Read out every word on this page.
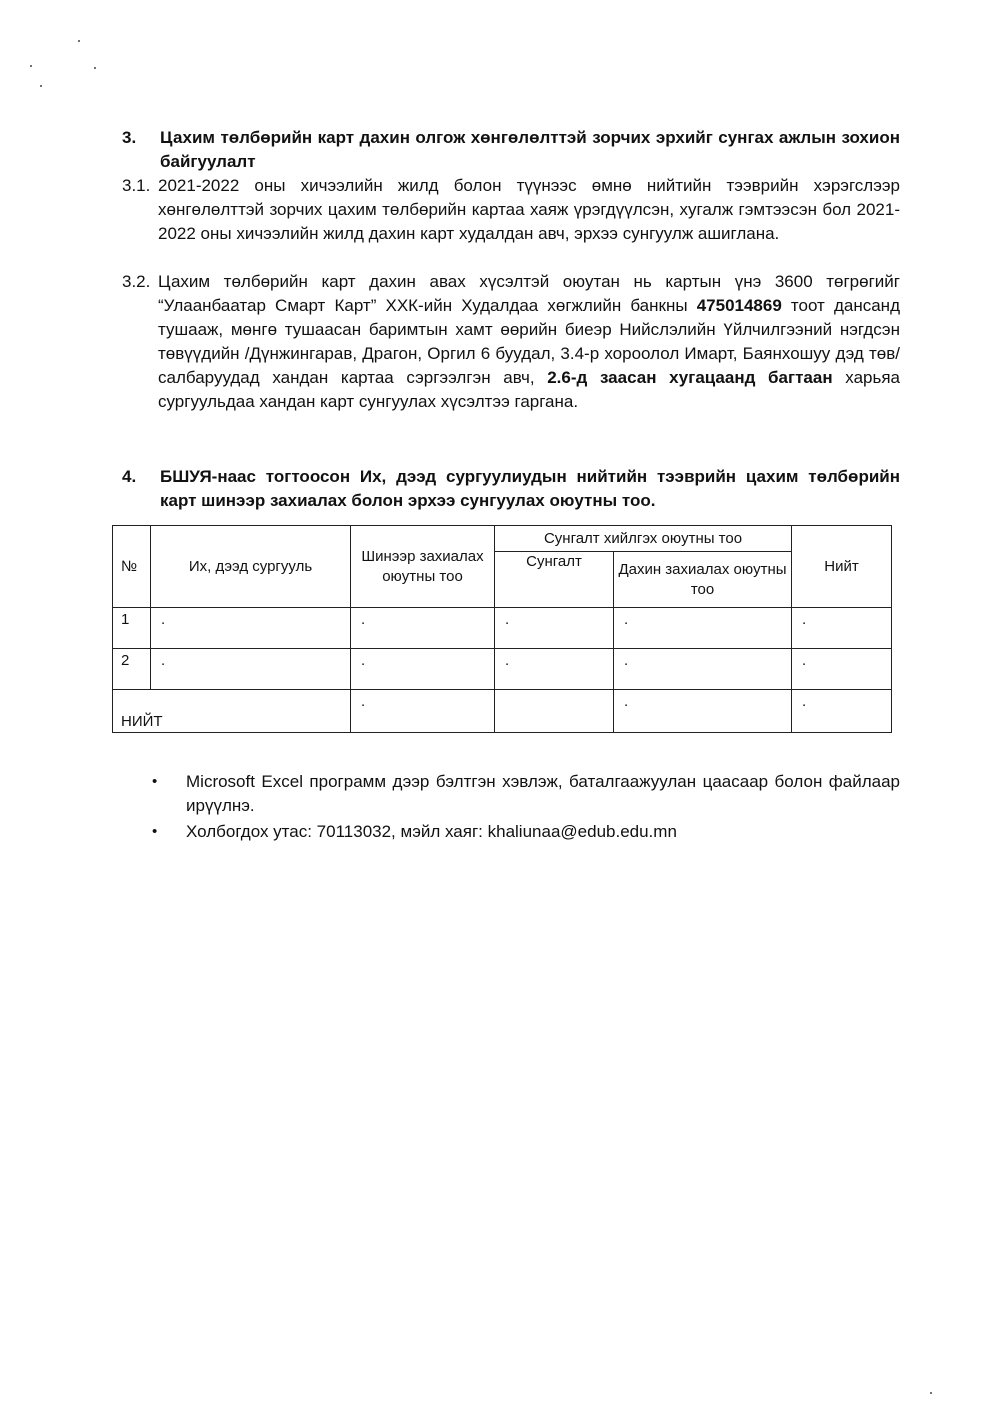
3.	Цахим төлбөрийн карт дахин олгож хөнгөлөлттэй зорчих эрхийг сунгах ажлын зохион байгуулалт
3.1. 2021-2022 оны хичээлийн жилд болон түүнээс өмнө нийтийн тээврийн хэрэгслээр хөнгөлөлттэй зорчих цахим төлбөрийн картаа хаяж үрэгдүүлсэн, хугалж гэмтээсэн бол 2021-2022 оны хичээлийн жилд дахин карт худалдан авч, эрхээ сунгуулж ашиглана.
3.2. Цахим төлбөрийн карт дахин авах хүсэлтэй оюутан нь картын үнэ 3600 төгрөгийг “Улаанбаатар Смарт Карт” ХХК-ийн Худалдаа хөгжлийн банкны 475014869 тоот дансанд тушааж, мөнгө тушаасан баримтын хамт өөрийн биеэр Нийслэлийн Үйлчилгээний нэгдсэн төвүүдийн /Дүнжингарав, Драгон, Оргил 6 буудал, 3.4-р хороолол Имарт, Баянхошуу дэд төв/ салбаруудад хандан картаа сэргээлгэн авч, 2.6-д заасан хугацаанд багтаан харьяа сургуульдаа хандан карт сунгуулах хүсэлтээ гаргана.
4.	БШУЯ-наас тогтоосон Их, дээд сургуулиудын нийтийн тээврийн цахим төлбөрийн карт шинээр захиалах болон эрхээ сунгуулах оюутны тоо.
№	Их, дээд сургууль	Шинээр захиалах оюутны тоо	Сунгалт хийлгэх оюутны тоо		Нийт
			Сунгалт	Дахин захиалах оюутны тоо	
1	.	.	.	.	.
2	.	.	.	.	.
НИЙТ		.		.	.
•	Microsoft Excel программ дээр бэлтгэн хэвлэж, баталгаажуулан цаасаар болон файлаар ирүүлнэ.
•	Холбогдох утас: 70113032, мэйл хаяг: khaliunaa@edub.edu.mn
